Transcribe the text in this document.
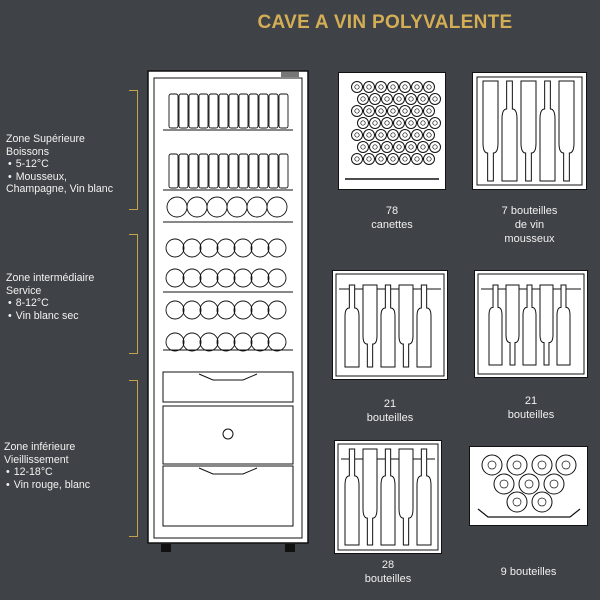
CAVE A VIN POLYVALENTE
Zone Supérieure
Boissons
• 5-12°C
• Mousseux,
Champagne, Vin blanc
Zone intermédiaire
Service
• 8-12°C
• Vin blanc sec
Zone inférieure
Vieillissement
• 12-18°C
• Vin rouge, blanc
78
canettes
7 bouteilles
de vin
mousseux
21
bouteilles
21
bouteilles
28
bouteilles
9 bouteilles
